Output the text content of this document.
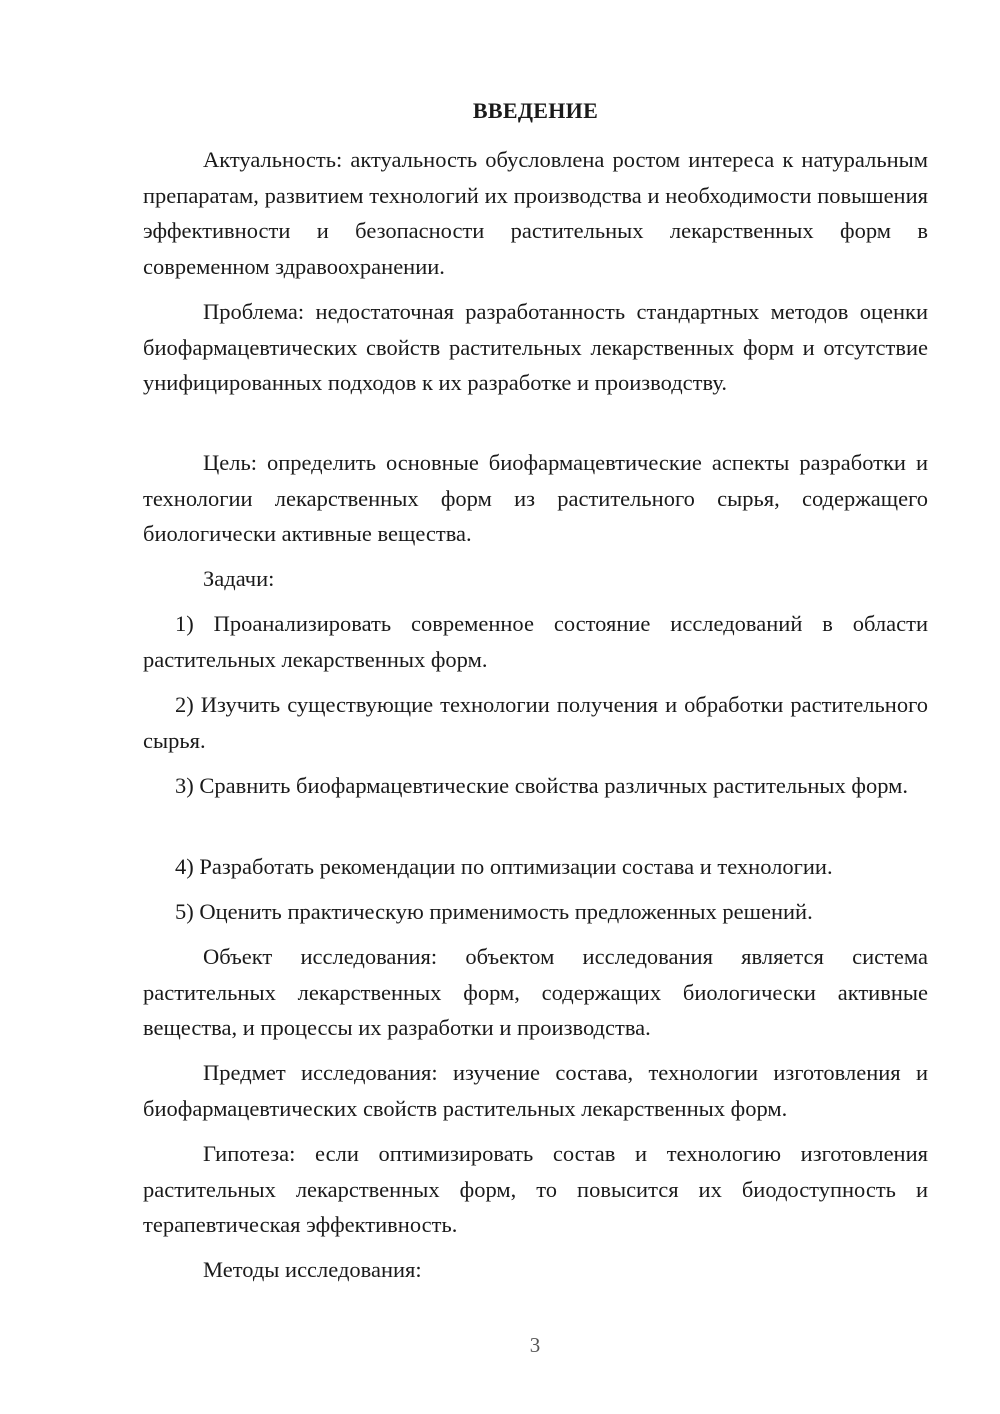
ВВЕДЕНИЕ

Актуальность: актуальность обусловлена ростом интереса к натуральным препаратам, развитием технологий их производства и необходимости повышения эффективности и безопасности растительных лекарственных форм в современном здравоохранении.

Проблема: недостаточная разработанность стандартных методов оценки биофармацевтических свойств растительных лекарственных форм и отсутствие унифицированных подходов к их разработке и производству.

Цель: определить основные биофармацевтические аспекты разработки и технологии лекарственных форм из растительного сырья, содержащего биологически активные вещества.

Задачи:

1) Проанализировать современное состояние исследований в области растительных лекарственных форм.

2) Изучить существующие технологии получения и обработки растительного сырья.

3) Сравнить биофармацевтические свойства различных растительных форм.

4) Разработать рекомендации по оптимизации состава и технологии.

5) Оценить практическую применимость предложенных решений.

Объект исследования: объектом исследования является система растительных лекарственных форм, содержащих биологически активные вещества, и процессы их разработки и производства.

Предмет исследования: изучение состава, технологии изготовления и биофармацевтических свойств растительных лекарственных форм.

Гипотеза: если оптимизировать состав и технологию изготовления растительных лекарственных форм, то повысится их биодоступность и терапевтическая эффективность.

Методы исследования:

3
